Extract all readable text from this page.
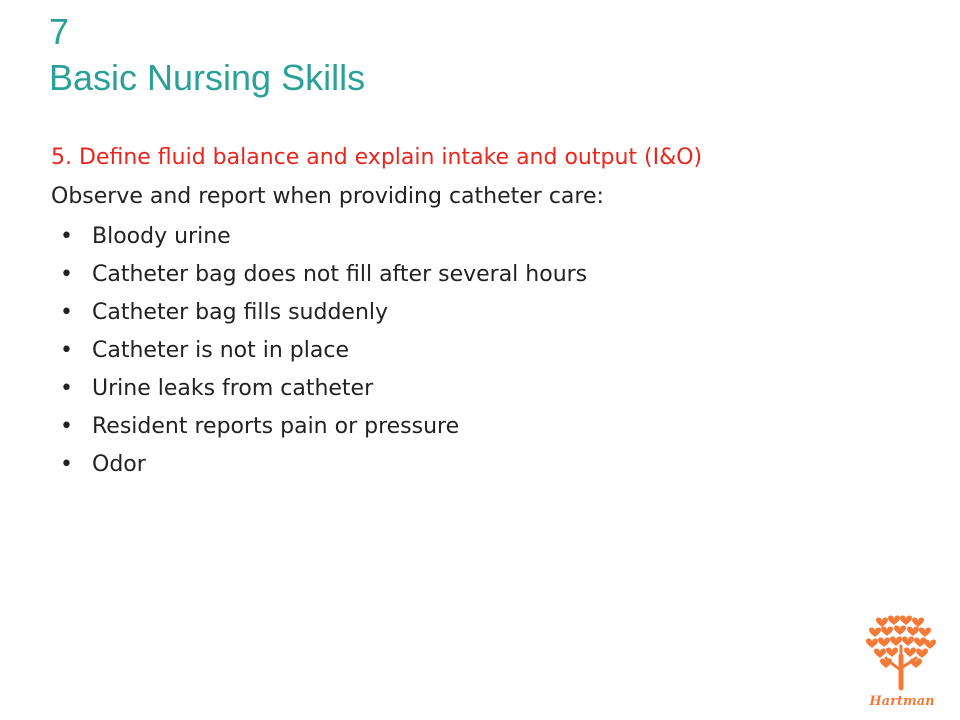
7
Basic Nursing Skills
5. Define fluid balance and explain intake and output (I&O)
Observe and report when providing catheter care:
• Bloody urine
• Catheter bag does not fill after several hours
• Catheter bag fills suddenly
• Catheter is not in place
• Urine leaks from catheter
• Resident reports pain or pressure
• Odor
Hartman
